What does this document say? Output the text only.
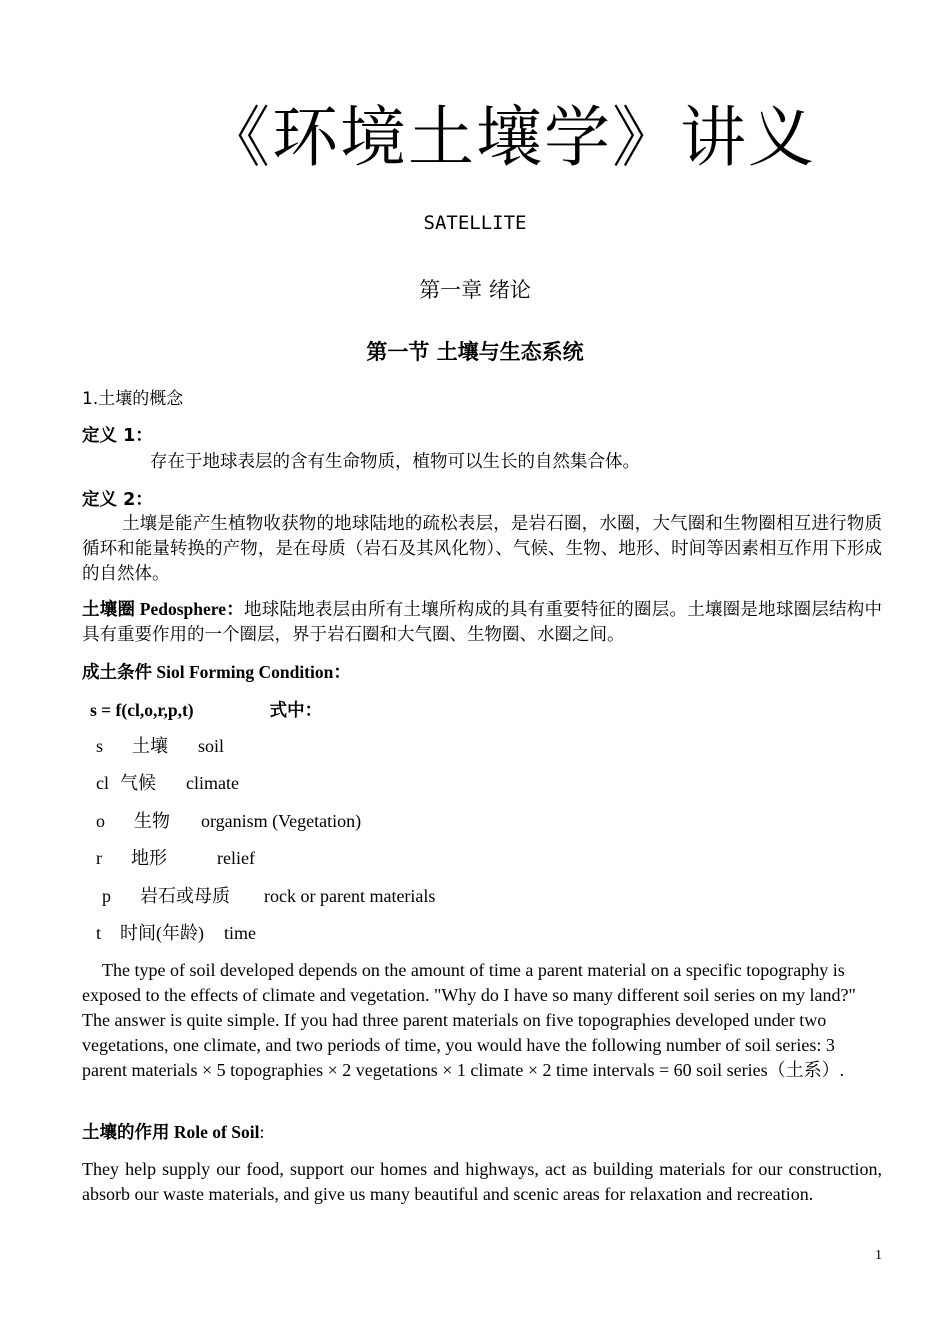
《环境土壤学》讲义
SATELLITE
第一章 绪论
第一节 土壤与生态系统
1.土壤的概念
定义 1：
存在于地球表层的含有生命物质，植物可以生长的自然集合体。
定义 2：
土壤是能产生植物收获物的地球陆地的疏松表层，是岩石圈，水圈，大气圈和生物圈相互进行物质循环和能量转换的产物，是在母质（岩石及其风化物）、气候、生物、地形、时间等因素相互作用下形成的自然体。
土壤圈 Pedosphere：地球陆地表层由所有土壤所构成的具有重要特征的圈层。土壤圈是地球圈层结构中具有重要作用的一个圈层，界于岩石圈和大气圈、生物圈、水圈之间。
成土条件 Siol Forming Condition：
s = f(cl,o,r,p,t)	式中：
s 土壤 soil
cl 气候 climate
o 生物 organism (Vegetation)
r 地形	relief
p 岩石或母质 rock or parent materials
t 时间(年龄) time
The type of soil developed depends on the amount of time a parent material on a specific topography is exposed to the effects of climate and vegetation. "Why do I have so many different soil series on my land?" The answer is quite simple. If you had three parent materials on five topographies developed under two vegetations, one climate, and two periods of time, you would have the following number of soil series: 3 parent materials × 5 topographies × 2 vegetations × 1 climate × 2 time intervals = 60 soil series（土系）.
土壤的作用 Role of Soil:
They help supply our food, support our homes and highways, act as building materials for our construction, absorb our waste materials, and give us many beautiful and scenic areas for relaxation and recreation.
1
